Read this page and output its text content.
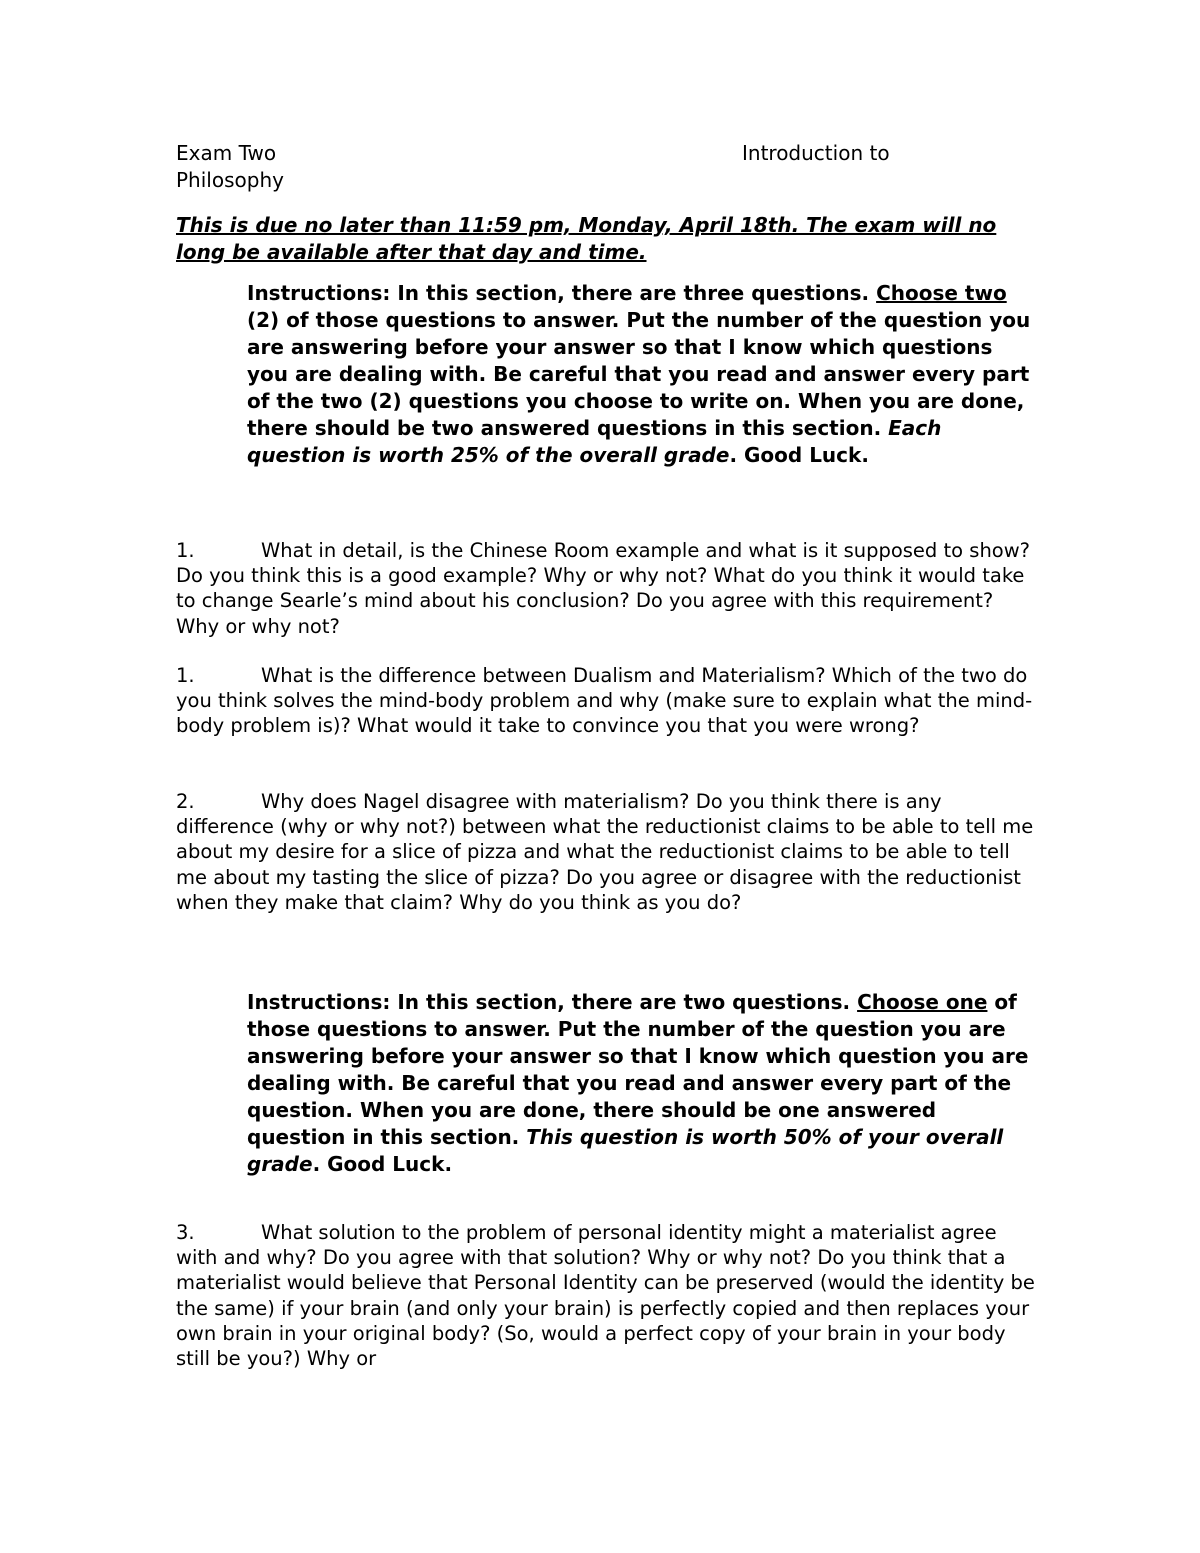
Exam Two	Introduction to Philosophy
This is due no later than 11:59 pm, Monday, April 18th. The exam will no long be available after that day and time.
Instructions: In this section, there are three questions. Choose two (2) of those questions to answer. Put the number of the question you are answering before your answer so that I know which questions you are dealing with. Be careful that you read and answer every part of the two (2) questions you choose to write on. When you are done, there should be two answered questions in this section. Each question is worth 25% of the overall grade. Good Luck.
1.	What in detail, is the Chinese Room example and what is it supposed to show? Do you think this is a good example? Why or why not? What do you think it would take to change Searle’s mind about his conclusion? Do you agree with this requirement? Why or why not?
1.	What is the difference between Dualism and Materialism? Which of the two do you think solves the mind-body problem and why (make sure to explain what the mind-body problem is)? What would it take to convince you that you were wrong?
2.	Why does Nagel disagree with materialism? Do you think there is any difference (why or why not?) between what the reductionist claims to be able to tell me about my desire for a slice of pizza and what the reductionist claims to be able to tell me about my tasting the slice of pizza? Do you agree or disagree with the reductionist when they make that claim? Why do you think as you do?
Instructions: In this section, there are two questions. Choose one of those questions to answer. Put the number of the question you are answering before your answer so that I know which question you are dealing with. Be careful that you read and answer every part of the question. When you are done, there should be one answered question in this section. This question is worth 50% of your overall grade. Good Luck.
3.	What solution to the problem of personal identity might a materialist agree with and why? Do you agree with that solution? Why or why not? Do you think that a materialist would believe that Personal Identity can be preserved (would the identity be the same) if your brain (and only your brain) is perfectly copied and then replaces your own brain in your original body? (So, would a perfect copy of your brain in your body still be you?) Why or
